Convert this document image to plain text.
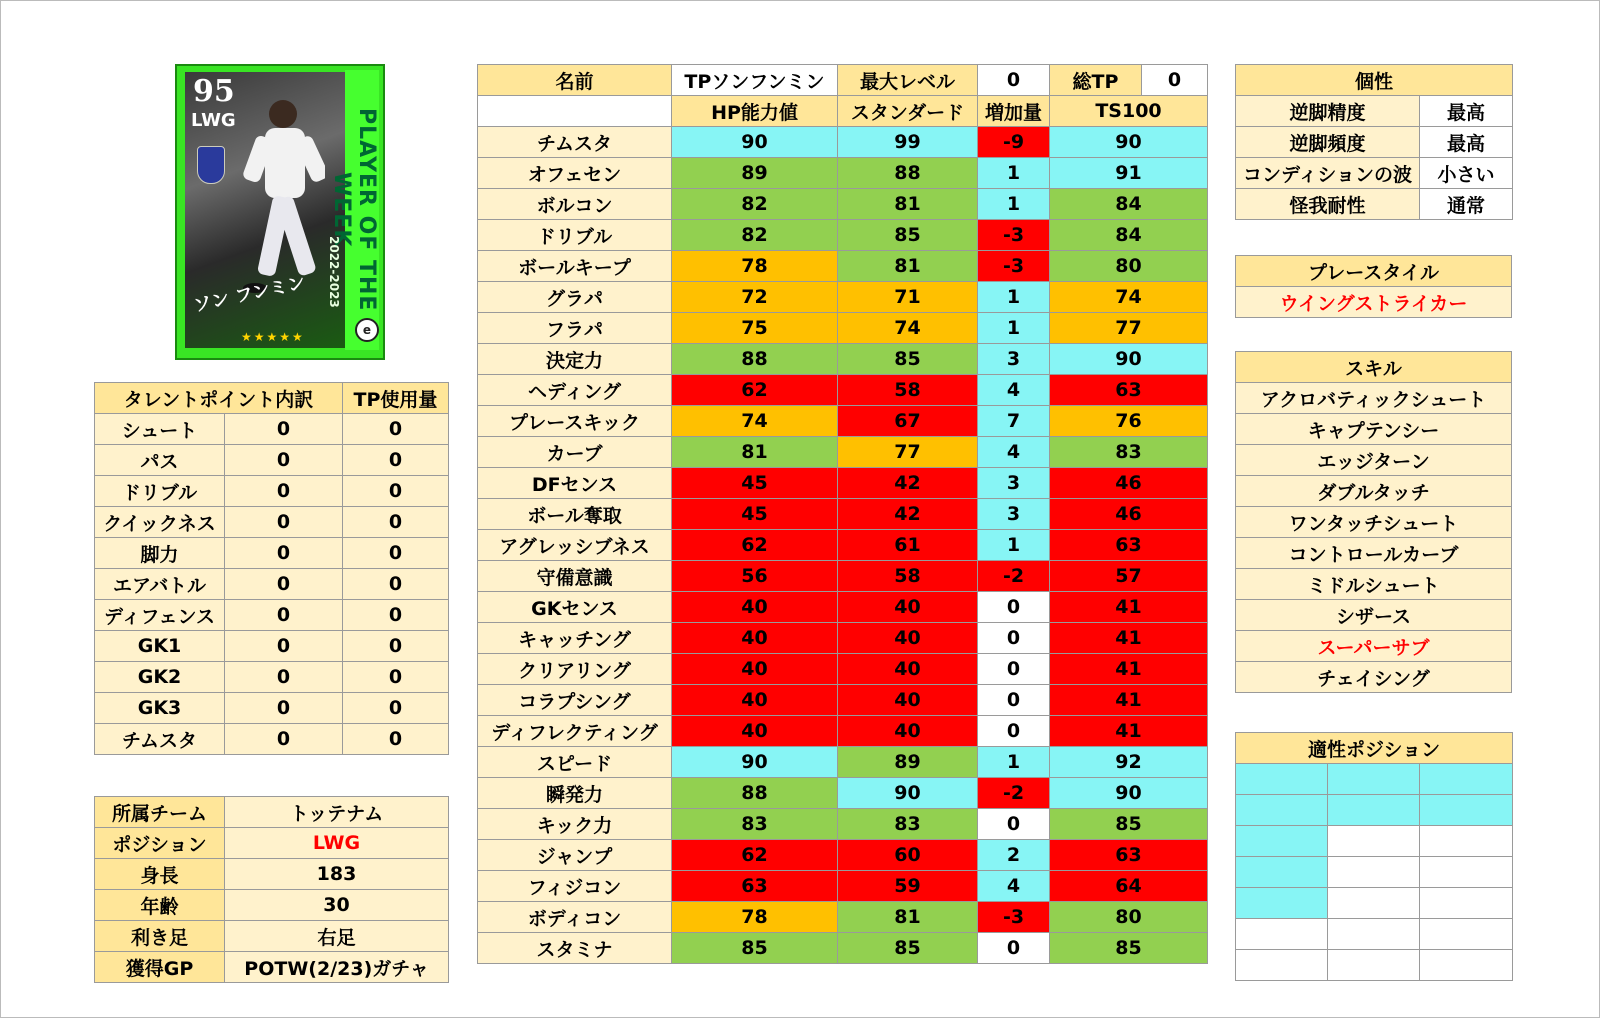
95
LWG	PLAYER OF THE WEEK
2022-2023
ソン フンミン
★★★★★	e
タレントポイント内訳		TP使用量
シュート	0	0
パス	0	0
ドリブル	0	0
クイックネス	0	0
脚力	0	0
エアバトル	0	0
ディフェンス	0	0
GK1	0	0
GK2	0	0
GK3	0	0
チムスタ	0	0
所属チーム	トッテナム
ポジション	LWG
身長	183
年齢	30
利き足	右足
獲得GP	POTW(2/23)ガチャ
名前	TPソンフンミン	最大レベル	0	総TP	0
	HP能力値	スタンダード	増加量	TS100	
チムスタ	90	99	-9	90	
オフェセン	89	88	1	91	
ボルコン	82	81	1	84	
ドリブル	82	85	-3	84	
ボールキープ	78	81	-3	80	
グラパ	72	71	1	74	
フラパ	75	74	1	77	
決定力	88	85	3	90	
ヘディング	62	58	4	63	
プレースキック	74	67	7	76	
カーブ	81	77	4	83	
DFセンス	45	42	3	46	
ボール奪取	45	42	3	46	
アグレッシブネス	62	61	1	63	
守備意識	56	58	-2	57	
GKセンス	40	40	0	41	
キャッチング	40	40	0	41	
クリアリング	40	40	0	41	
コラプシング	40	40	0	41	
ディフレクティング	40	40	0	41	
スピード	90	89	1	92	
瞬発力	88	90	-2	90	
キック力	83	83	0	85	
ジャンプ	62	60	2	63	
フィジコン	63	59	4	64	
ボディコン	78	81	-3	80	
スタミナ	85	85	0	85	
個性	
逆脚精度	最高
逆脚頻度	最高
コンディションの波	小さい
怪我耐性	通常
プレースタイル
ウイングストライカー
スキル
アクロバティックシュート
キャプテンシー
エッジターン
ダブルタッチ
ワンタッチシュート
コントロールカーブ
ミドルシュート
シザース
スーパーサブ
チェイシング
適性ポジション		
